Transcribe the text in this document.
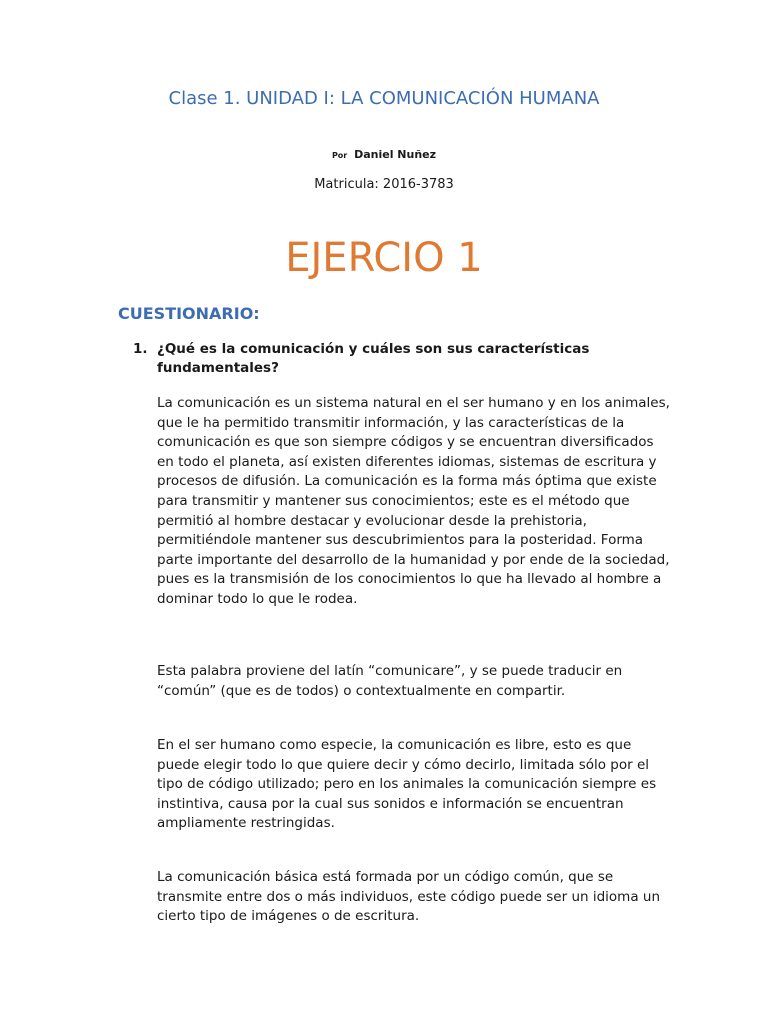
Clase 1. UNIDAD I: LA COMUNICACIÓN HUMANA
Por Daniel Nuñez
Matricula: 2016-3783
EJERCIO 1
CUESTIONARIO:
1. ¿Qué es la comunicación y cuáles son sus características fundamentales?
La comunicación es un sistema natural en el ser humano y en los animales, que le ha permitido transmitir información, y las características de la comunicación es que son siempre códigos y se encuentran diversificados en todo el planeta, así existen diferentes idiomas, sistemas de escritura y procesos de difusión. La comunicación es la forma más óptima que existe para transmitir y mantener sus conocimientos; este es el método que permitió al hombre destacar y evolucionar desde la prehistoria, permitiéndole mantener sus descubrimientos para la posteridad. Forma parte importante del desarrollo de la humanidad y por ende de la sociedad, pues es la transmisión de los conocimientos lo que ha llevado al hombre a dominar todo lo que le rodea.
Esta palabra proviene del latín “comunicare”, y se puede traducir en “común” (que es de todos) o contextualmente en compartir.
En el ser humano como especie, la comunicación es libre, esto es que puede elegir todo lo que quiere decir y cómo decirlo, limitada sólo por el tipo de código utilizado; pero en los animales la comunicación siempre es instintiva, causa por la cual sus sonidos e información se encuentran ampliamente restringidas.
La comunicación básica está formada por un código común, que se transmite entre dos o más individuos, este código puede ser un idioma un cierto tipo de imágenes o de escritura.
